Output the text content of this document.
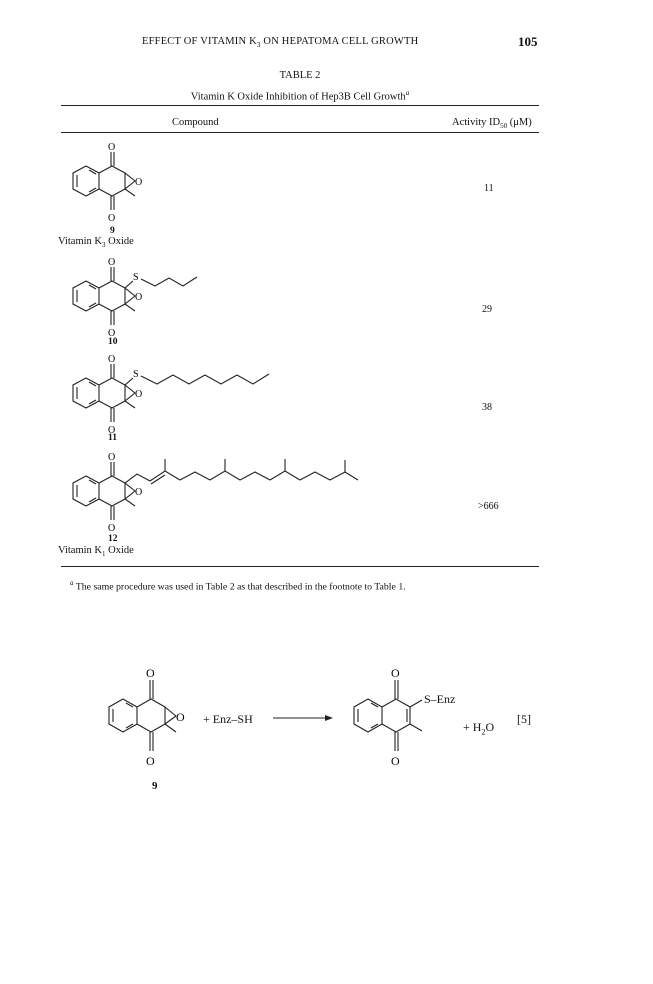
EFFECT OF VITAMIN $K_3$ ON HEPATOMA CELL GROWTH	105
TABLE 2
Vitamin K Oxide Inhibition of Hep3B Cell Growth$^a$
Compound	Activity $ID_{50}$ (μM)
O
O
O
9
Vitamin $K_3$ Oxide
11
O
O
O
S
10
29
O
O
O
S
11
38
O
O
O
12
Vitamin $K_1$ Oxide
>666
$^a$ The same procedure was used in Table 2 as that described in the footnote to Table 1.
O
O
O + Enz–SH →
O
O
S–Enz
+ $H_2O$
[5]
9
